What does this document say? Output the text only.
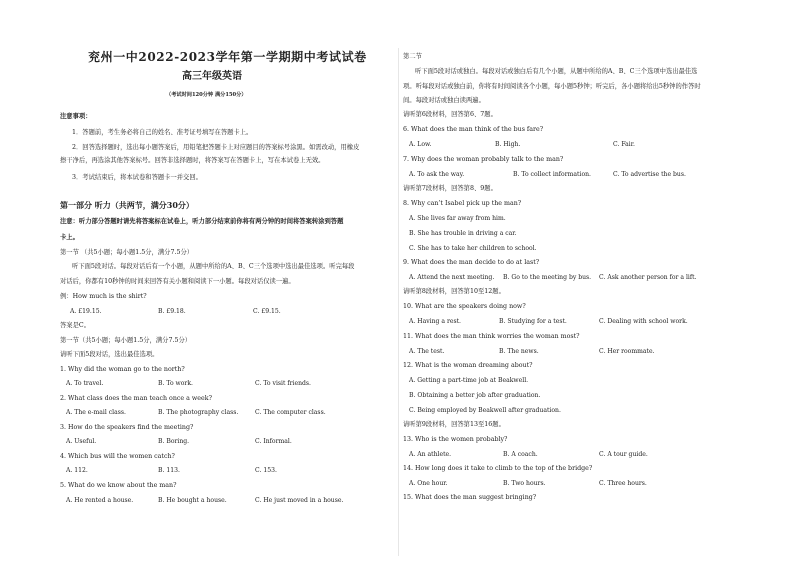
兖州一中2022-2023学年第一学期期中考试试卷
高三年级英语
（考试时间120分钟 满分150分）
注意事项：
1．答题前，考生务必将自己的姓名、准考证号填写在答题卡上。
2．回答选择题时，选出每小题答案后，用铅笔把答题卡上对应题目的答案标号涂黑。如需改动，用橡皮
擦干净后，再选涂其他答案标号。回答非选择题时，将答案写在答题卡上，写在本试卷上无效。
3．考试结束后，将本试卷和答题卡一并交回。
第一部分 听力（共两节，满分30分）
注意：听力部分答题时请先将答案标在试卷上，听力部分结束前你将有两分钟的时间将答案转涂到答题
卡上。
第一节 （共5小题；每小题1.5分，满分7.5分）
听下面5段对话。每段对话后有一个小题，从题中所给的A、B、C三个选项中选出最佳选项。听完每段
对话后，你都有10秒钟的时间来回答有关小题和阅读下一小题。每段对话仅读一遍。
例：How much is the shirt?
A. £19.15.	B. £9.18.	C. £9.15.
答案是C。
第一节（共5小题；每小题1.5分，满分7.5分）
请听下面5段对话，选出最佳选项。
1. Why did the woman go to the north?
A. To travel.	B. To work.	C. To visit friends.
2. What class does the man teach once a week?
A. The e-mail class.	B. The photography class.	C. The computer class.
3. How do the speakers find the meeting?
A. Useful.	B. Boring.	C. Informal.
4. Which bus will the women catch?
A. 112.	B. 113.	C. 153.
5. What do we know about the man?
A. He rented a house.	B. He bought a house.	C. He just moved in a house.
第二节
听下面5段对话或独白。每段对话或独白后有几个小题，从题中所给的A、B、C三个选项中选出最佳选
项。听每段对话或独白前，你将有时间阅读各个小题，每小题5秒钟；听完后，各小题将给出5秒钟的作答时
间。每段对话或独白读两遍。
请听第6段材料，回答第6、7题。
6. What does the man think of the bus fare?
A. Low.	B. High.	C. Fair.
7. Why does the woman probably talk to the man?
A. To ask the way.	B. To collect information.	C. To advertise the bus.
请听第7段材料，回答第8、9题。
8. Why can’t Isabel pick up the man?
A. She lives far away from him.
B. She has trouble in driving a car.
C. She has to take her children to school.
9. What does the man decide to do at last?
A. Attend the next meeting. B. Go to the meeting by bus. C. Ask another person for a lift.
请听第8段材料，回答第10至12题。
10. What are the speakers doing now?
A. Having a rest.	B. Studying for a test.	C. Dealing with school work.
11. What does the man think worries the woman most?
A. The test.	B. The news.	C. Her roommate.
12. What is the woman dreaming about?
A. Getting a part-time job at Beakwell.
B. Obtaining a better job after graduation.
C. Being employed by Beakwell after graduation.
请听第9段材料，回答第13至16题。
13. Who is the women probably?
A. An athlete.	B. A coach.	C. A tour guide.
14. How long does it take to climb to the top of the bridge?
A. One hour.	B. Two hours.	C. Three hours.
15. What does the man suggest bringing?
